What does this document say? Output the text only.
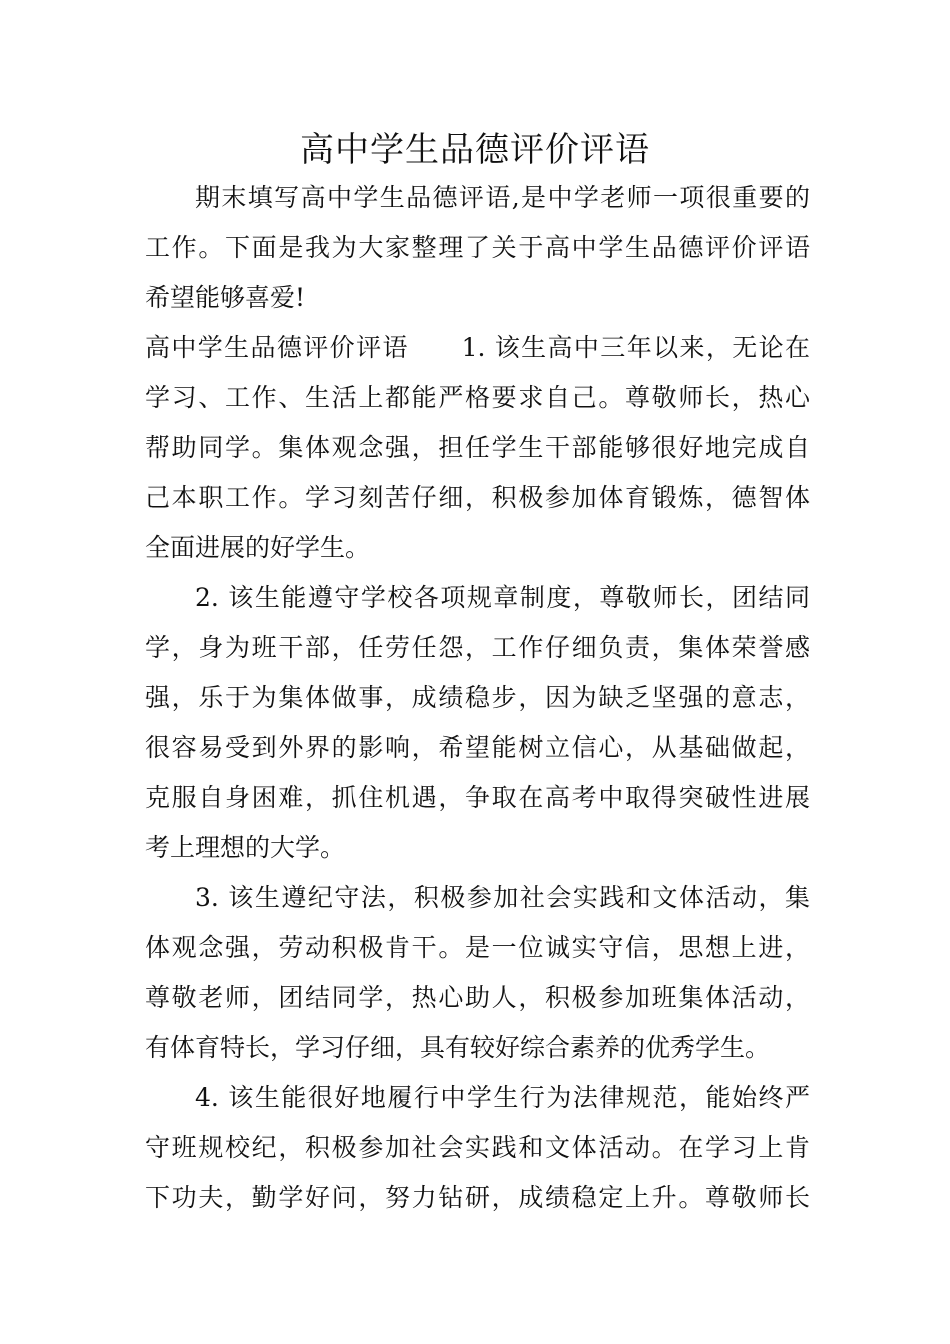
高中学生品德评价评语
期末填写高中学生品德评语,是中学老师一项很重要的
工作。下面是我为大家整理了关于高中学生品德评价评语
希望能够喜爱!
高中学生品德评价评语　　1. 该生高中三年以来，无论在
学习、工作、生活上都能严格要求自己。尊敬师长，热心
帮助同学。集体观念强，担任学生干部能够很好地完成自
己本职工作。学习刻苦仔细，积极参加体育锻炼，德智体
全面进展的好学生。
2. 该生能遵守学校各项规章制度，尊敬师长，团结同
学，身为班干部，任劳任怨，工作仔细负责，集体荣誉感
强，乐于为集体做事，成绩稳步，因为缺乏坚强的意志，
很容易受到外界的影响，希望能树立信心，从基础做起，
克服自身困难，抓住机遇，争取在高考中取得突破性进展
考上理想的大学。
3. 该生遵纪守法，积极参加社会实践和文体活动，集
体观念强，劳动积极肯干。是一位诚实守信，思想上进，
尊敬老师，团结同学，热心助人，积极参加班集体活动，
有体育特长，学习仔细，具有较好综合素养的优秀学生。
4. 该生能很好地履行中学生行为法律规范，能始终严
守班规校纪，积极参加社会实践和文体活动。在学习上肯
下功夫，勤学好问，努力钻研，成绩稳定上升。尊敬师长
